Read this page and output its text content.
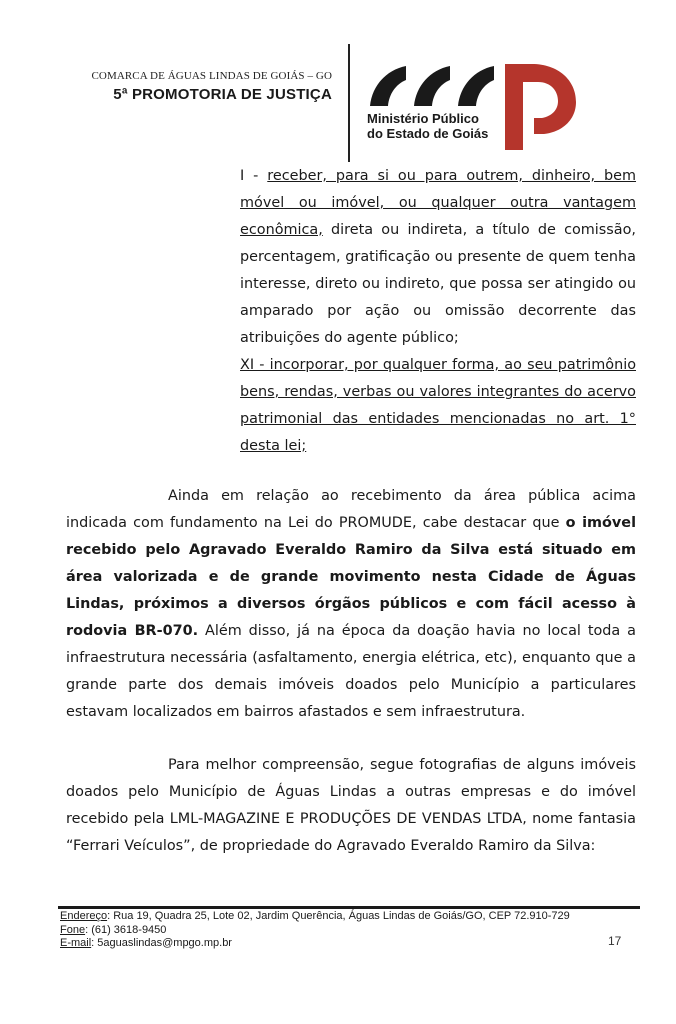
COMARCA DE ÁGUAS LINDAS DE GOIÁS – GO
5ª PROMOTORIA DE JUSTIÇA
Ministério Público
do Estado de Goiás

I - receber, para si ou para outrem, dinheiro, bem móvel ou imóvel, ou qualquer outra vantagem econômica, direta ou indireta, a título de comissão, percentagem, gratificação ou presente de quem tenha interesse, direto ou indireto, que possa ser atingido ou amparado por ação ou omissão decorrente das atribuições do agente público;

XI - incorporar, por qualquer forma, ao seu patrimônio bens, rendas, verbas ou valores integrantes do acervo patrimonial das entidades mencionadas no art. 1° desta lei;

Ainda em relação ao recebimento da área pública acima indicada com fundamento na Lei do PROMUDE, cabe destacar que o imóvel recebido pelo Agravado Everaldo Ramiro da Silva está situado em área valorizada e de grande movimento nesta Cidade de Águas Lindas, próximos a diversos órgãos públicos e com fácil acesso à rodovia BR-070. Além disso, já na época da doação havia no local toda a infraestrutura necessária (asfaltamento, energia elétrica, etc), enquanto que a grande parte dos demais imóveis doados pelo Município a particulares estavam localizados em bairros afastados e sem infraestrutura.

Para melhor compreensão, segue fotografias de alguns imóveis doados pelo Município de Águas Lindas a outras empresas e do imóvel recebido pela LML-MAGAZINE E PRODUÇÕES DE VENDAS LTDA, nome fantasia “Ferrari Veículos”, de propriedade do Agravado Everaldo Ramiro da Silva:

Endereço: Rua 19, Quadra 25, Lote 02, Jardim Querência, Águas Lindas de Goiás/GO, CEP 72.910-729
Fone: (61) 3618-9450
E-mail: 5aguaslindas@mpgo.mp.br	17
